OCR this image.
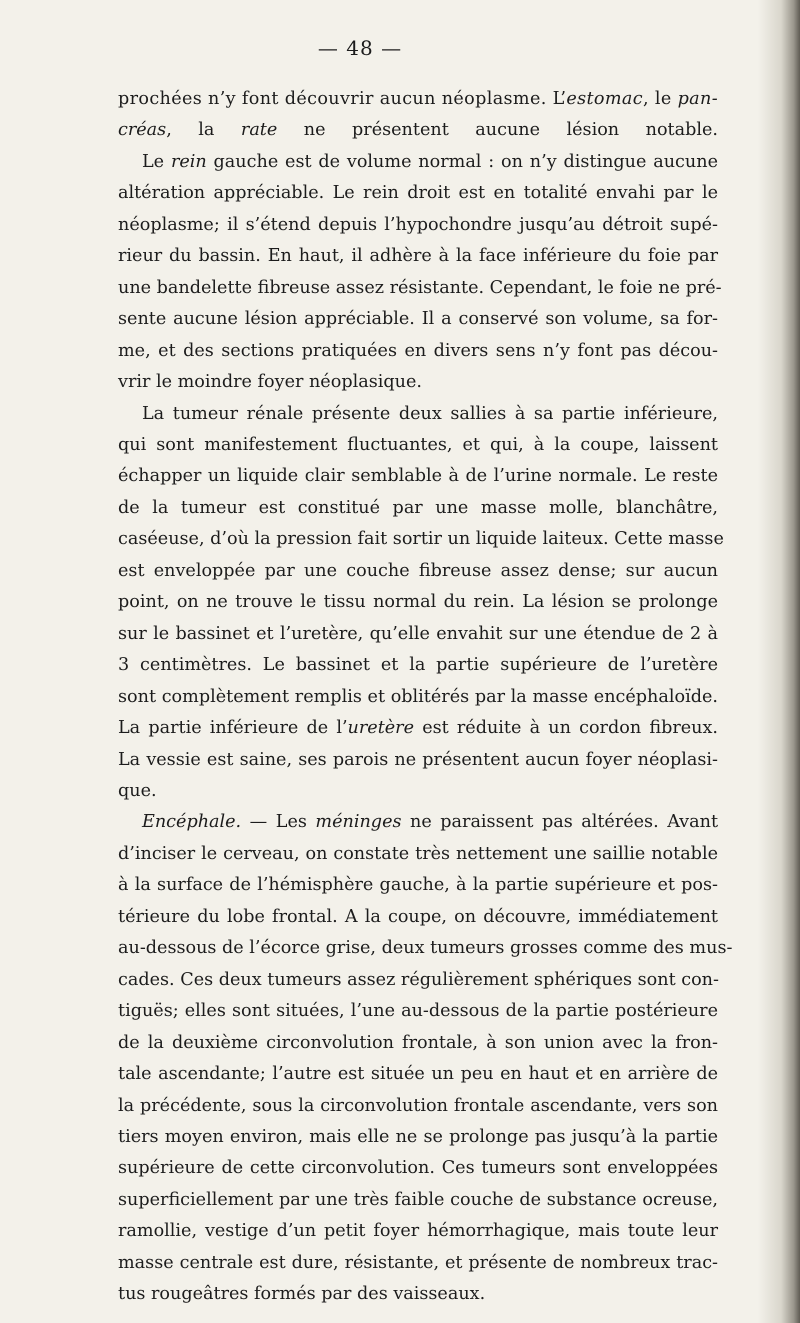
— 48 —
prochées n’y font découvrir aucun néoplasme. L’estomac, le pan-
créas, la rate ne présentent aucune lésion notable.
Le rein gauche est de volume normal : on n’y distingue aucune
altération appréciable. Le rein droit est en totalité envahi par le
néoplasme; il s’étend depuis l’hypochondre jusqu’au détroit supé-
rieur du bassin. En haut, il adhère à la face inférieure du foie par
une bandelette fibreuse assez résistante. Cependant, le foie ne pré-
sente aucune lésion appréciable. Il a conservé son volume, sa for-
me, et des sections pratiquées en divers sens n’y font pas décou-
vrir le moindre foyer néoplasique.
La tumeur rénale présente deux sallies à sa partie inférieure,
qui sont manifestement fluctuantes, et qui, à la coupe, laissent
échapper un liquide clair semblable à de l’urine normale. Le reste
de la tumeur est constitué par une masse molle, blanchâtre,
caséeuse, d’où la pression fait sortir un liquide laiteux. Cette masse
est enveloppée par une couche fibreuse assez dense; sur aucun
point, on ne trouve le tissu normal du rein. La lésion se prolonge
sur le bassinet et l’uretère, qu’elle envahit sur une étendue de 2 à
3 centimètres. Le bassinet et la partie supérieure de l’uretère
sont complètement remplis et oblitérés par la masse encéphaloïde.
La partie inférieure de l’uretère est réduite à un cordon fibreux.
La vessie est saine, ses parois ne présentent aucun foyer néoplasi-
que.
Encéphale. — Les méninges ne paraissent pas altérées. Avant
d’inciser le cerveau, on constate très nettement une saillie notable
à la surface de l’hémisphère gauche, à la partie supérieure et pos-
térieure du lobe frontal. A la coupe, on découvre, immédiatement
au-dessous de l’écorce grise, deux tumeurs grosses comme des mus-
cades. Ces deux tumeurs assez régulièrement sphériques sont con-
tiguës; elles sont situées, l’une au-dessous de la partie postérieure
de la deuxième circonvolution frontale, à son union avec la fron-
tale ascendante; l’autre est située un peu en haut et en arrière de
la précédente, sous la circonvolution frontale ascendante, vers son
tiers moyen environ, mais elle ne se prolonge pas jusqu’à la partie
supérieure de cette circonvolution. Ces tumeurs sont enveloppées
superficiellement par une très faible couche de substance ocreuse,
ramollie, vestige d’un petit foyer hémorrhagique, mais toute leur
masse centrale est dure, résistante, et présente de nombreux trac-
tus rougeâtres formés par des vaisseaux.
